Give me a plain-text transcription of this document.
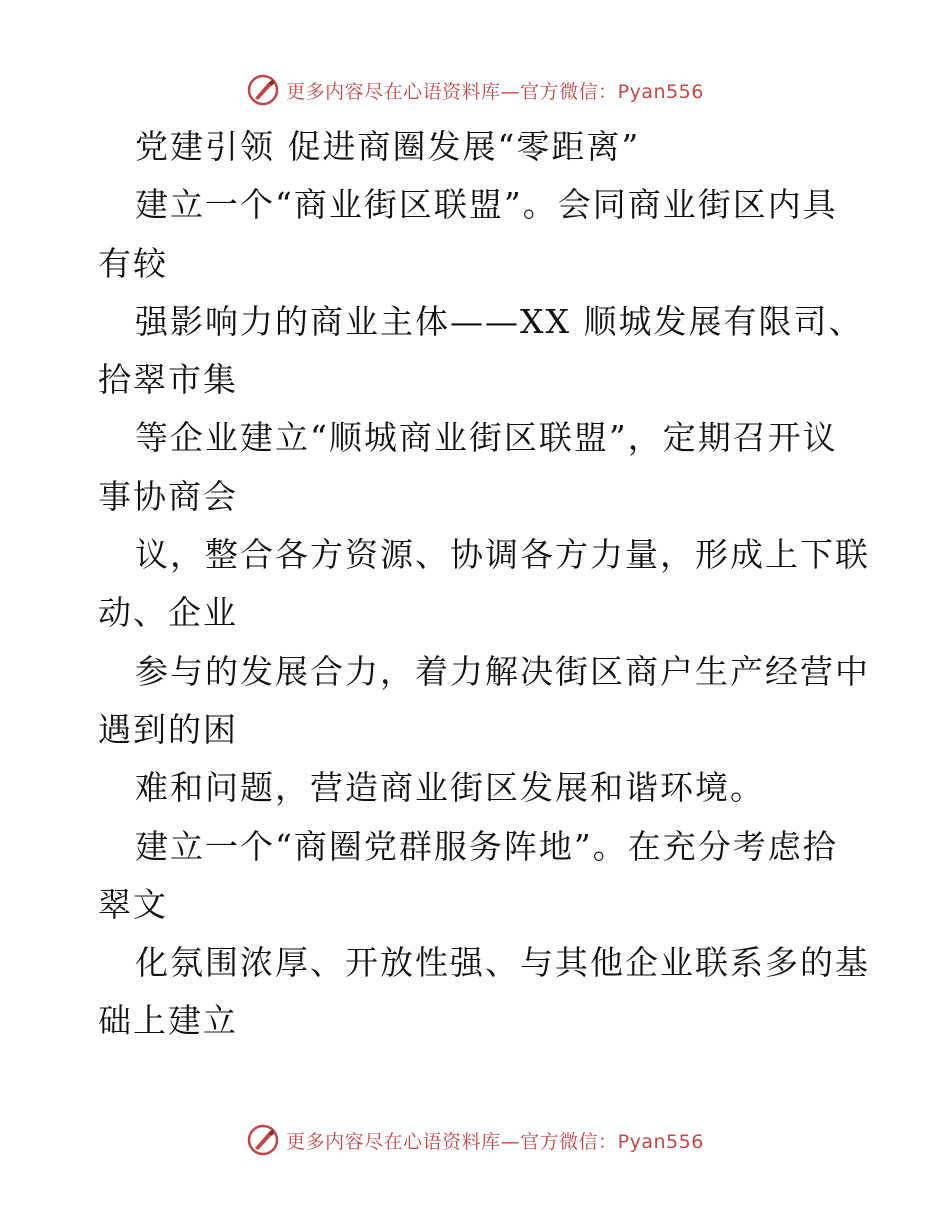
更多内容尽在心语资料库—官方微信：Pyan556
党建引领 促进商圈发展“零距离”
建立一个“商业街区联盟”。会同商业街区内具
有较
强影响力的商业主体——XX 顺城发展有限司、
拾翠市集
等企业建立“顺城商业街区联盟”，定期召开议
事协商会
议，整合各方资源、协调各方力量，形成上下联
动、企业
参与的发展合力，着力解决街区商户生产经营中
遇到的困
难和问题，营造商业街区发展和谐环境。
建立一个“商圈党群服务阵地”。在充分考虑拾
翠文
化氛围浓厚、开放性强、与其他企业联系多的基
础上建立
更多内容尽在心语资料库—官方微信：Pyan556
